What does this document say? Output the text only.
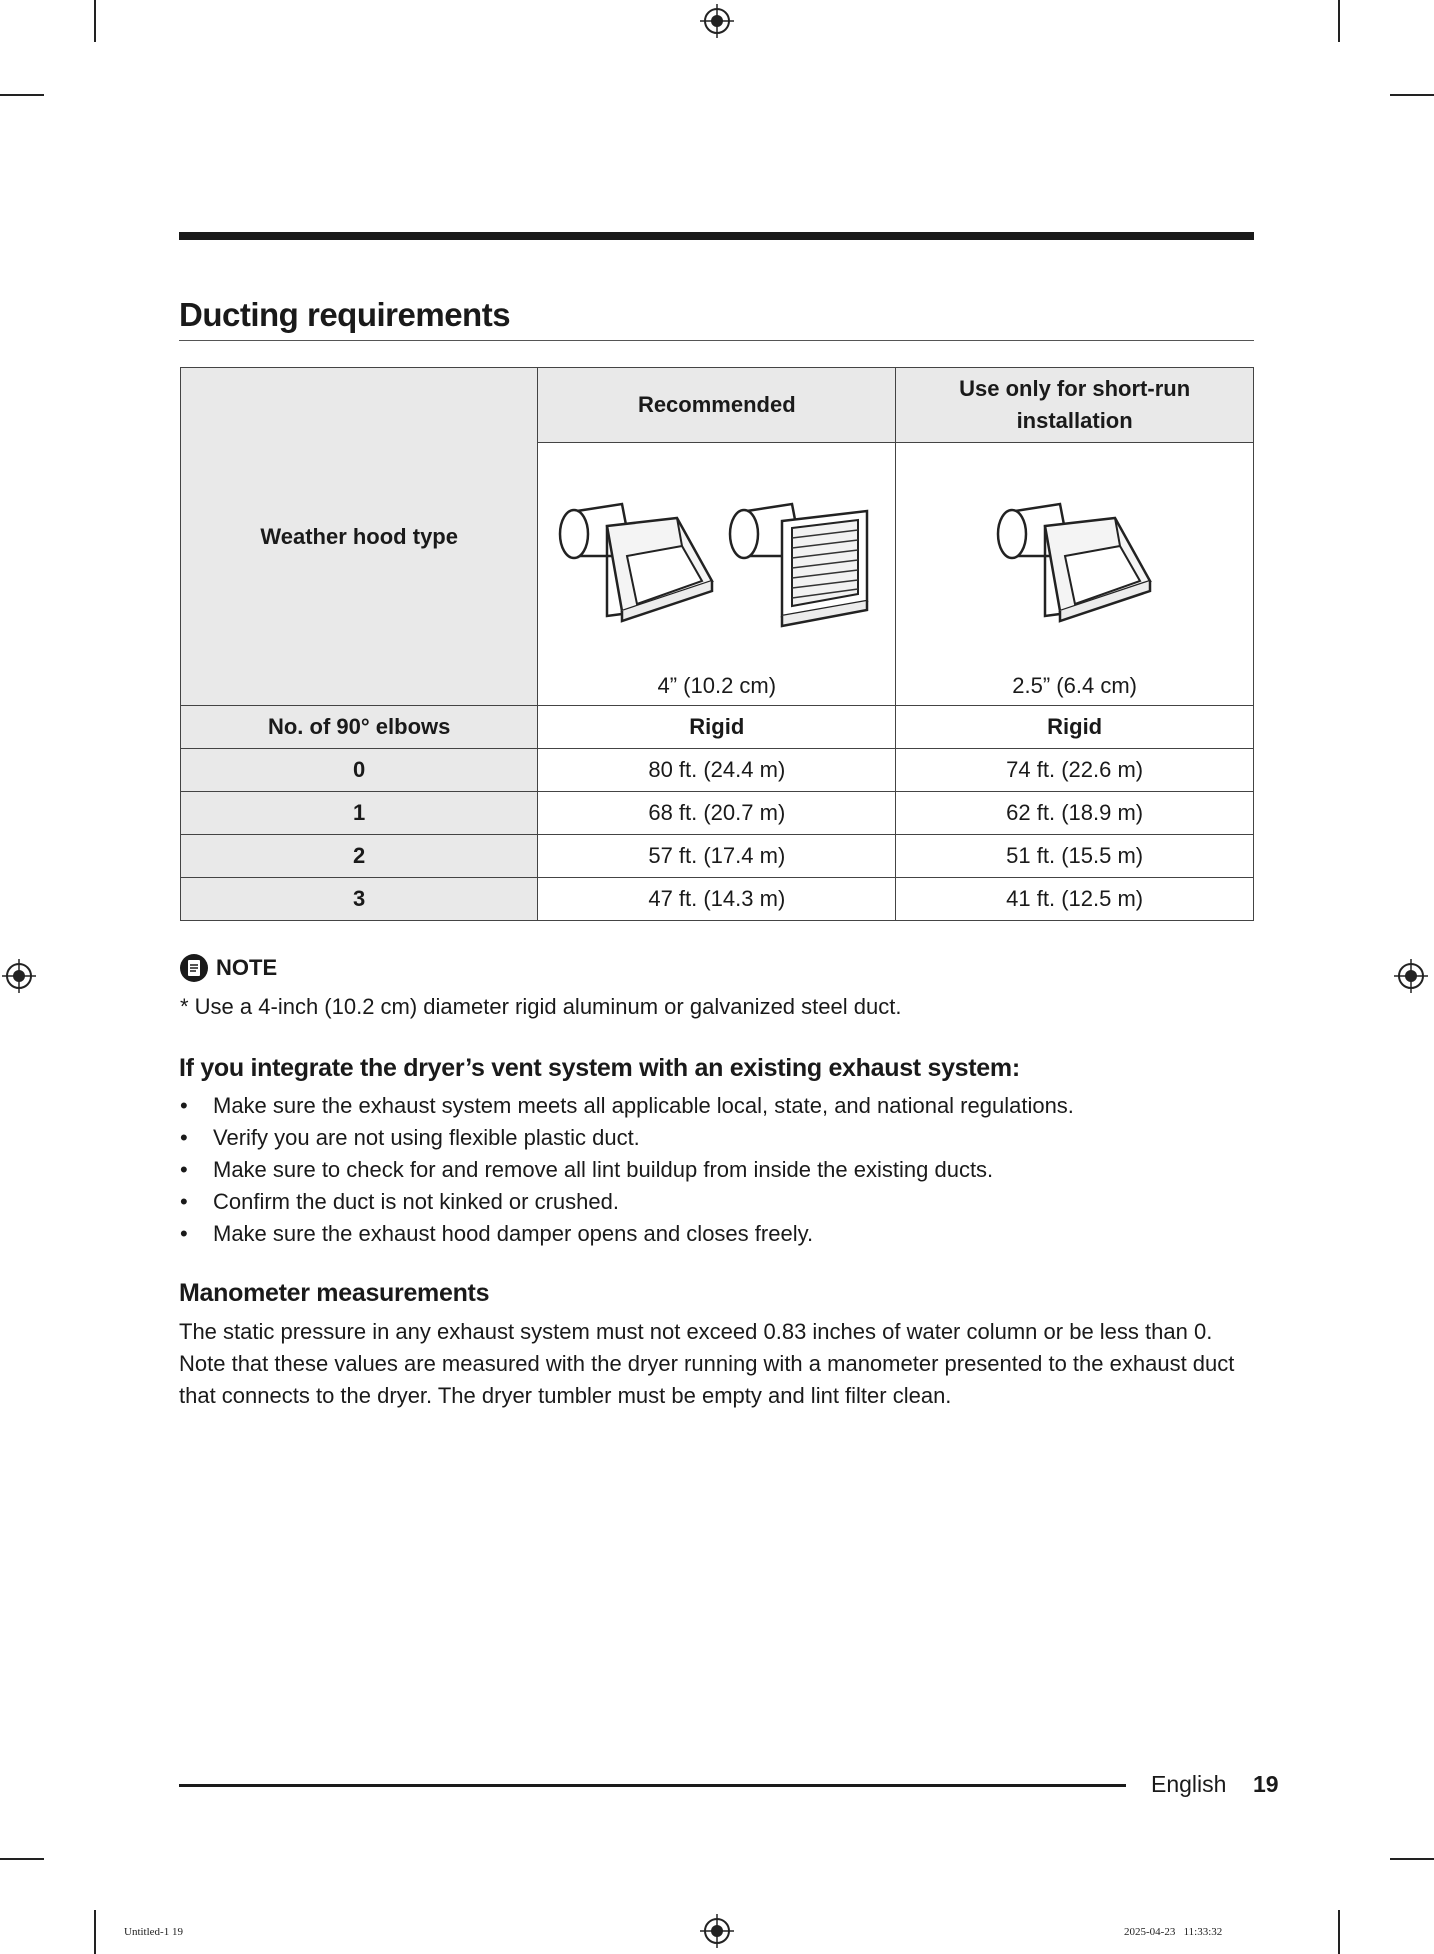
Ducting requirements
Weather hood type	Recommended	Use only for short-run installation

	4” (10.2 cm)	2.5” (6.4 cm)

No. of 90° elbows	Rigid	Rigid
0	80 ft. (24.4 m)	74 ft. (22.6 m)
1	68 ft. (20.7 m)	62 ft. (18.9 m)
2	57 ft. (17.4 m)	51 ft. (15.5 m)
3	47 ft. (14.3 m)	41 ft. (12.5 m)
NOTE
* Use a 4-inch (10.2 cm) diameter rigid aluminum or galvanized steel duct.
If you integrate the dryer’s vent system with an existing exhaust system:
• Make sure the exhaust system meets all applicable local, state, and national regulations.
• Verify you are not using flexible plastic duct.
• Make sure to check for and remove all lint buildup from inside the existing ducts.
• Confirm the duct is not kinked or crushed.
• Make sure the exhaust hood damper opens and closes freely.
Manometer measurements
The static pressure in any exhaust system must not exceed 0.83 inches of water column or be less than 0. Note that these values are measured with the dryer running with a manometer presented to the exhaust duct that connects to the dryer. The dryer tumbler must be empty and lint filter clean.
English 19
Untitled-1 19	2025-04-23   11:33:32
